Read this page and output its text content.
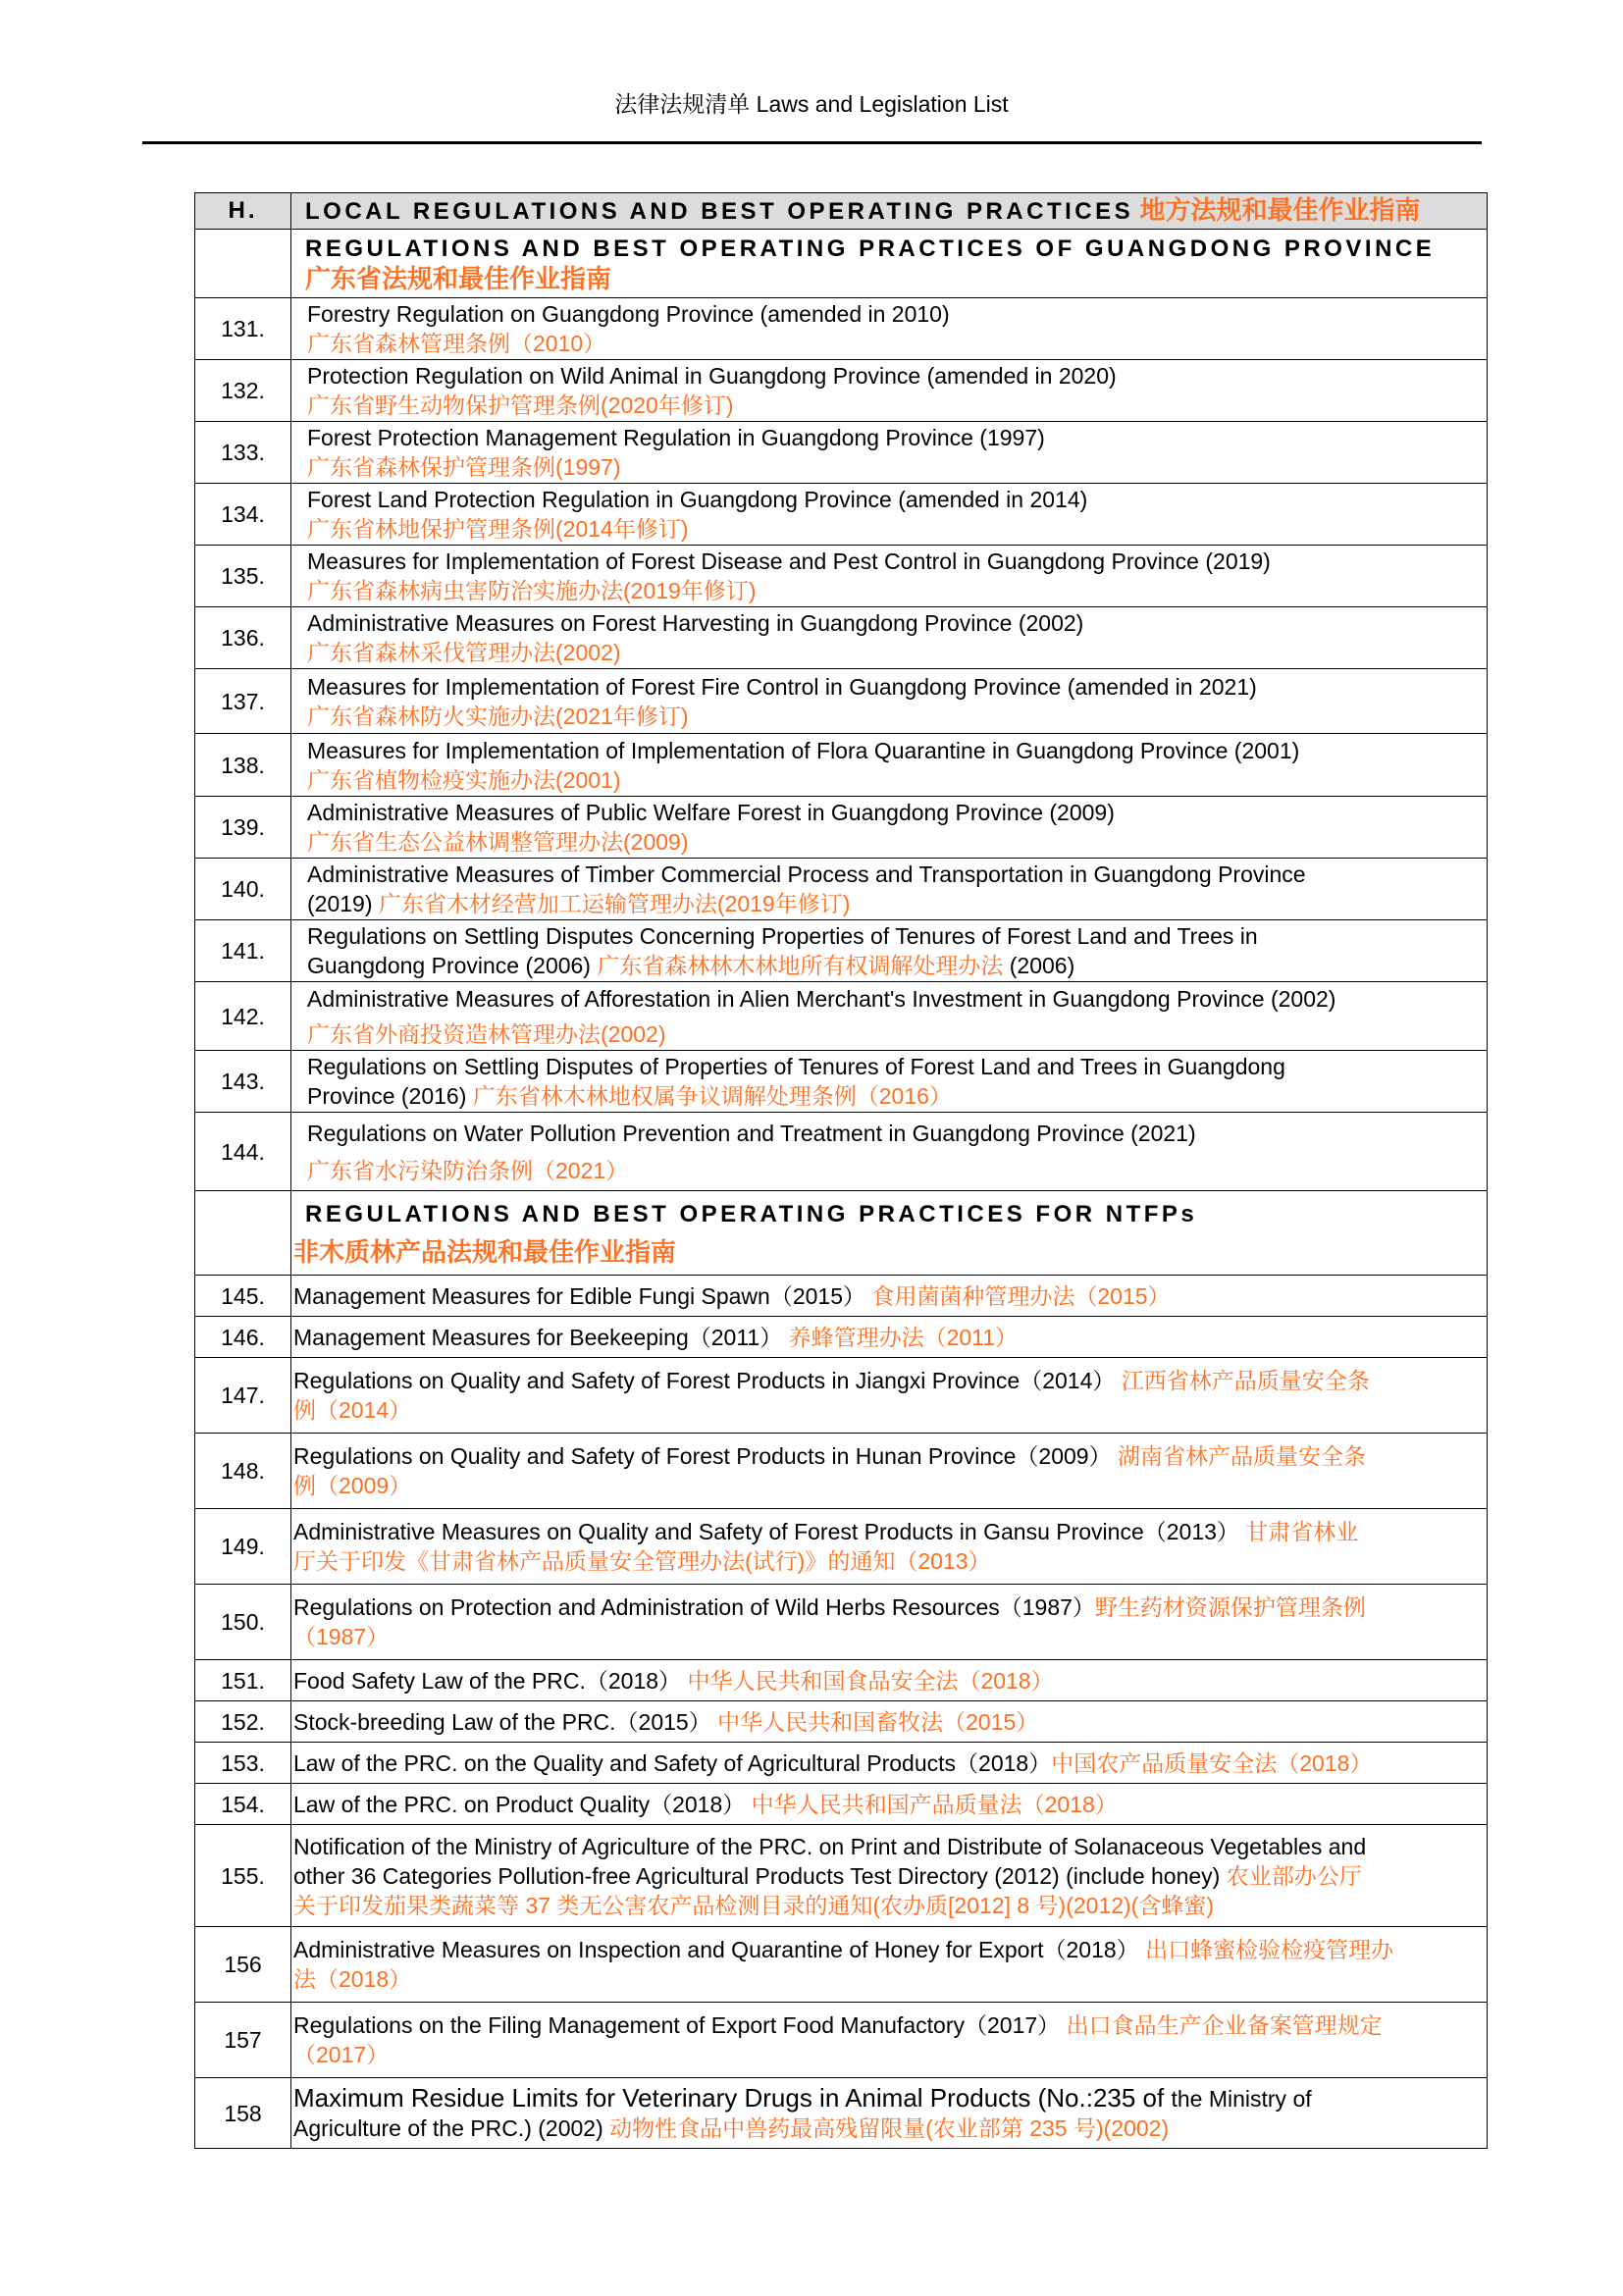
法律法规清单 Laws and Legislation List
H.	LOCAL REGULATIONS AND BEST OPERATING PRACTICES 地方法规和最佳作业指南

	REGULATIONS AND BEST OPERATING PRACTICES OF GUANGDONG PROVINCE
广东省法规和最佳作业指南

131.	Forestry Regulation on Guangdong Province (amended in 2010)
广东省森林管理条例（2010）

132.	Protection Regulation on Wild Animal in Guangdong Province (amended in 2020)
广东省野生动物保护管理条例(2020年修订)

133.	Forest Protection Management Regulation in Guangdong Province (1997)
广东省森林保护管理条例(1997)

134.	Forest Land Protection Regulation in Guangdong Province (amended in 2014)
广东省林地保护管理条例(2014年修订)

135.	Measures for Implementation of Forest Disease and Pest Control in Guangdong Province (2019)
广东省森林病虫害防治实施办法(2019年修订)

136.	Administrative Measures on Forest Harvesting in Guangdong Province (2002)
广东省森林采伐管理办法(2002)

137.	Measures for Implementation of Forest Fire Control in Guangdong Province (amended in 2021)
广东省森林防火实施办法(2021年修订)

138.	Measures for Implementation of Implementation of Flora Quarantine in Guangdong Province (2001)
广东省植物检疫实施办法(2001)

139.	Administrative Measures of Public Welfare Forest in Guangdong Province (2009)
广东省生态公益林调整管理办法(2009)

140.	Administrative Measures of Timber Commercial Process and Transportation in Guangdong Province
(2019) 广东省木材经营加工运输管理办法(2019年修订)

141.	Regulations on Settling Disputes Concerning Properties of Tenures of Forest Land and Trees in
Guangdong Province (2006) 广东省森林林木林地所有权调解处理办法 (2006)

142.	Administrative Measures of Afforestation in Alien Merchant's Investment in Guangdong Province (2002)
广东省外商投资造林管理办法(2002)

143.	Regulations on Settling Disputes of Properties of Tenures of Forest Land and Trees in Guangdong
Province (2016) 广东省林木林地权属争议调解处理条例（2016）

144.	Regulations on Water Pollution Prevention and Treatment in Guangdong Province (2021)
广东省水污染防治条例（2021）

	REGULATIONS AND BEST OPERATING PRACTICES FOR NTFPs
非木质林产品法规和最佳作业指南

145.	Management Measures for Edible Fungi Spawn（2015） 食用菌菌种管理办法（2015）
146.	Management Measures for Beekeeping（2011） 养蜂管理办法（2011）
147.	Regulations on Quality and Safety of Forest Products in Jiangxi Province（2014） 江西省林产品质量安全条
例（2014）

148.	Regulations on Quality and Safety of Forest Products in Hunan Province（2009） 湖南省林产品质量安全条
例（2009）

149.	Administrative Measures on Quality and Safety of Forest Products in Gansu Province（2013） 甘肃省林业
厅关于印发《甘肃省林产品质量安全管理办法(试行)》的通知（2013）

150.	Regulations on Protection and Administration of Wild Herbs Resources（1987）野生药材资源保护管理条例
（1987）

151.	Food Safety Law of the PRC.（2018） 中华人民共和国食品安全法（2018）
152.	Stock-breeding Law of the PRC.（2015） 中华人民共和国畜牧法（2015）
153.	Law of the PRC. on the Quality and Safety of Agricultural Products（2018）中国农产品质量安全法（2018）
154.	Law of the PRC. on Product Quality（2018） 中华人民共和国产品质量法（2018）
155.	Notification of the Ministry of Agriculture of the PRC. on Print and Distribute of Solanaceous Vegetables and
other 36 Categories Pollution-free Agricultural Products Test Directory (2012) (include honey) 农业部办公厅
关于印发茄果类蔬菜等 37 类无公害农产品检测目录的通知(农办质[2012] 8 号)(2012)(含蜂蜜)

156	Administrative Measures on Inspection and Quarantine of Honey for Export（2018） 出口蜂蜜检验检疫管理办
法（2018）

157	Regulations on the Filing Management of Export Food Manufactory（2017） 出口食品生产企业备案管理规定
（2017）

158	Maximum Residue Limits for Veterinary Drugs in Animal Products (No.:235 of the Ministry of
Agriculture of the PRC.) (2002) 动物性食品中兽药最高残留限量(农业部第 235 号)(2002)
